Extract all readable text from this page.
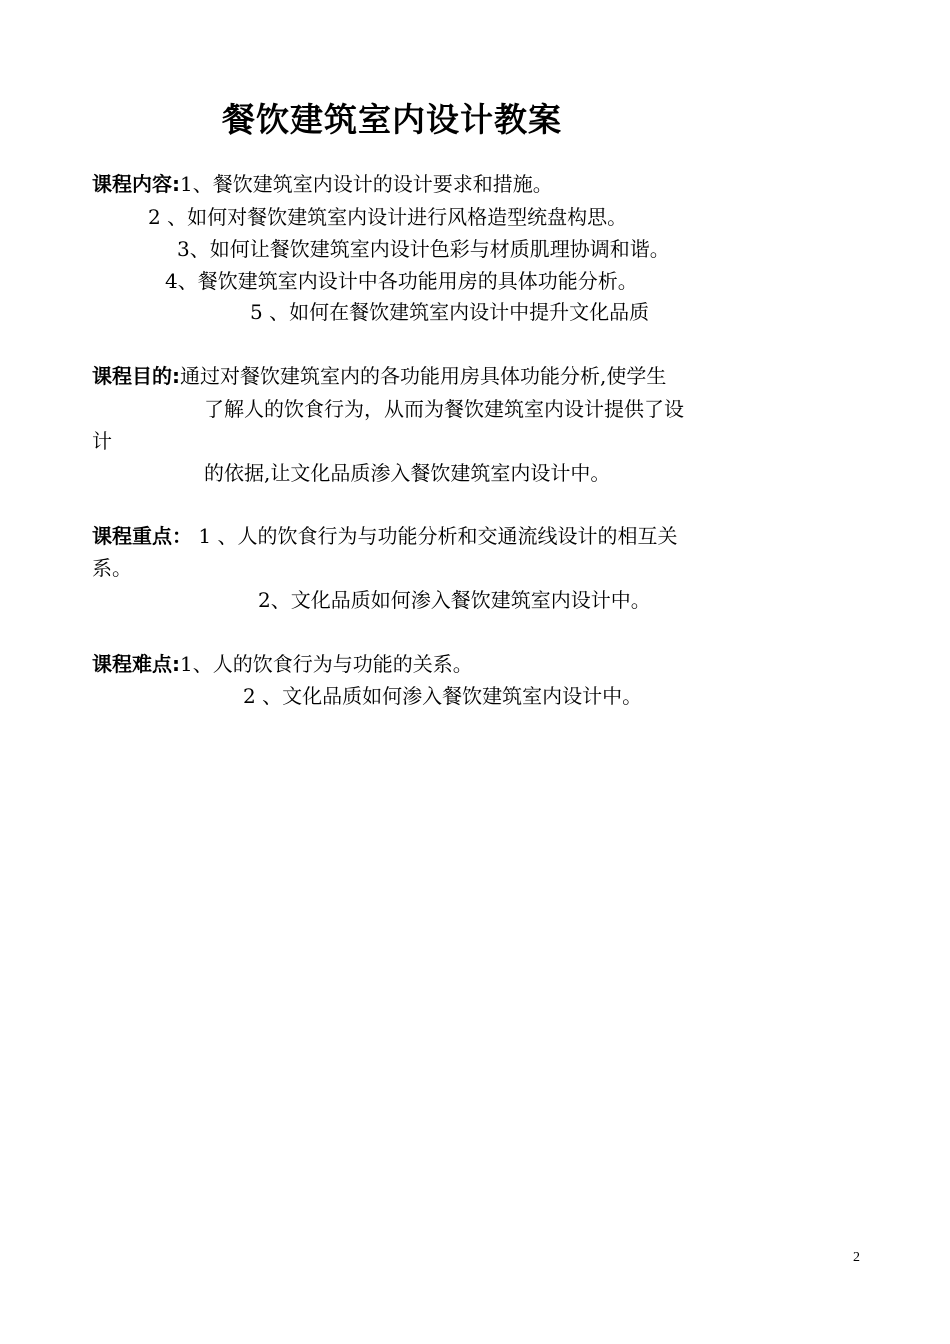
餐饮建筑室内设计教案
课程内容:1、餐饮建筑室内设计的设计要求和措施。
2 、如何对餐饮建筑室内设计进行风格造型统盘构思。
3、如何让餐饮建筑室内设计色彩与材质肌理协调和谐。
4、餐饮建筑室内设计中各功能用房的具体功能分析。
5 、如何在餐饮建筑室内设计中提升文化品质
课程目的:通过对餐饮建筑室内的各功能用房具体功能分析,使学生
了解人的饮食行为，从而为餐饮建筑室内设计提供了设
计
的依据,让文化品质渗入餐饮建筑室内设计中。
课程重点： 1 、人的饮食行为与功能分析和交通流线设计的相互关
系。
2、文化品质如何渗入餐饮建筑室内设计中。
课程难点:1、人的饮食行为与功能的关系。
2 、文化品质如何渗入餐饮建筑室内设计中。
2
